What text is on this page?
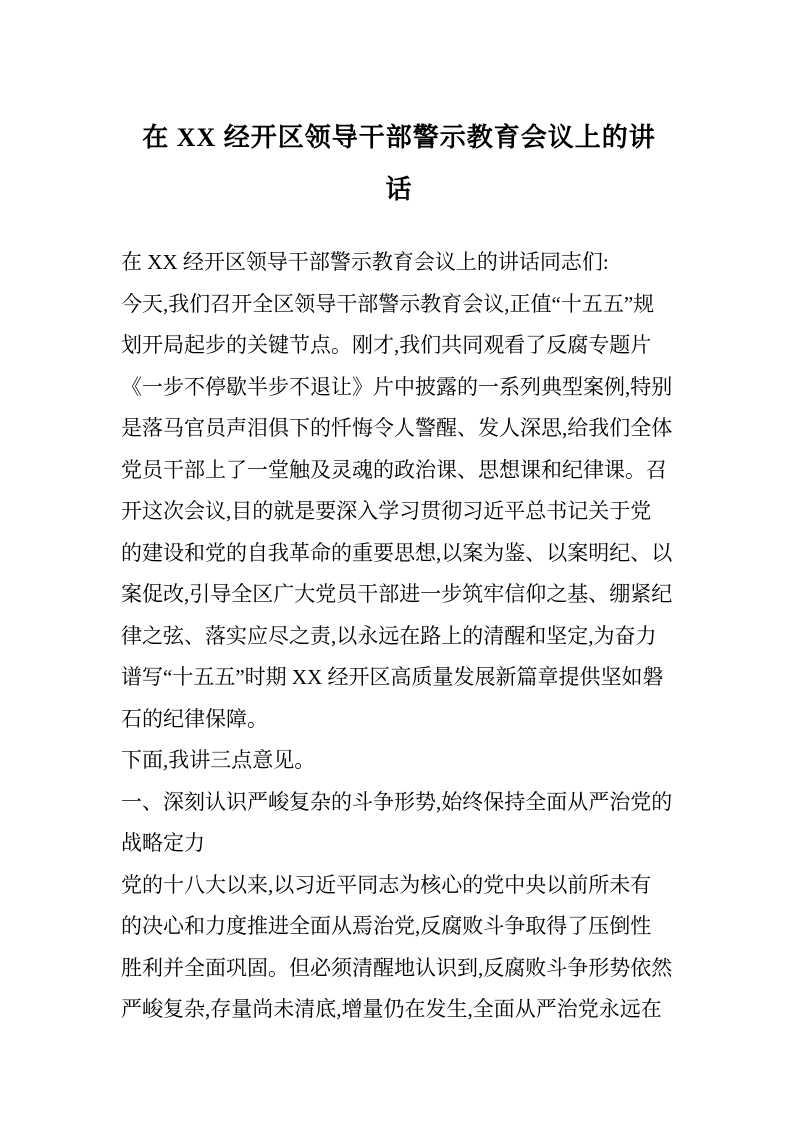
在 XX 经开区领导干部警示教育会议上的讲
话

在 XX 经开区领导干部警示教育会议上的讲话同志们:

今天,我们召开全区领导干部警示教育会议,正值“十五五”规

划开局起步的关键节点。刚才,我们共同观看了反腐专题片

《一步不停歇半步不退让》片中披露的一系列典型案例,特别

是落马官员声泪俱下的忏悔令人警醒、发人深思,给我们全体

党员干部上了一堂触及灵魂的政治课、思想课和纪律课。召

开这次会议,目的就是要深入学习贯彻习近平总书记关于党

的建设和党的自我革命的重要思想,以案为鉴、以案明纪、以

案促改,引导全区广大党员干部进一步筑牢信仰之基、绷紧纪

律之弦、落实应尽之责,以永远在路上的清醒和坚定,为奋力

谱写“十五五”时期 XX 经开区高质量发展新篇章提供坚如磐

石的纪律保障。

下面,我讲三点意见。

一、深刻认识严峻复杂的斗争形势,始终保持全面从严治党的

战略定力

党的十八大以来,以习近平同志为核心的党中央以前所未有

的决心和力度推进全面从焉治党,反腐败斗争取得了压倒性

胜利并全面巩固。但必须清醒地认识到,反腐败斗争形势依然

严峻复杂,存量尚未清底,增量仍在发生,全面从严治党永远在
